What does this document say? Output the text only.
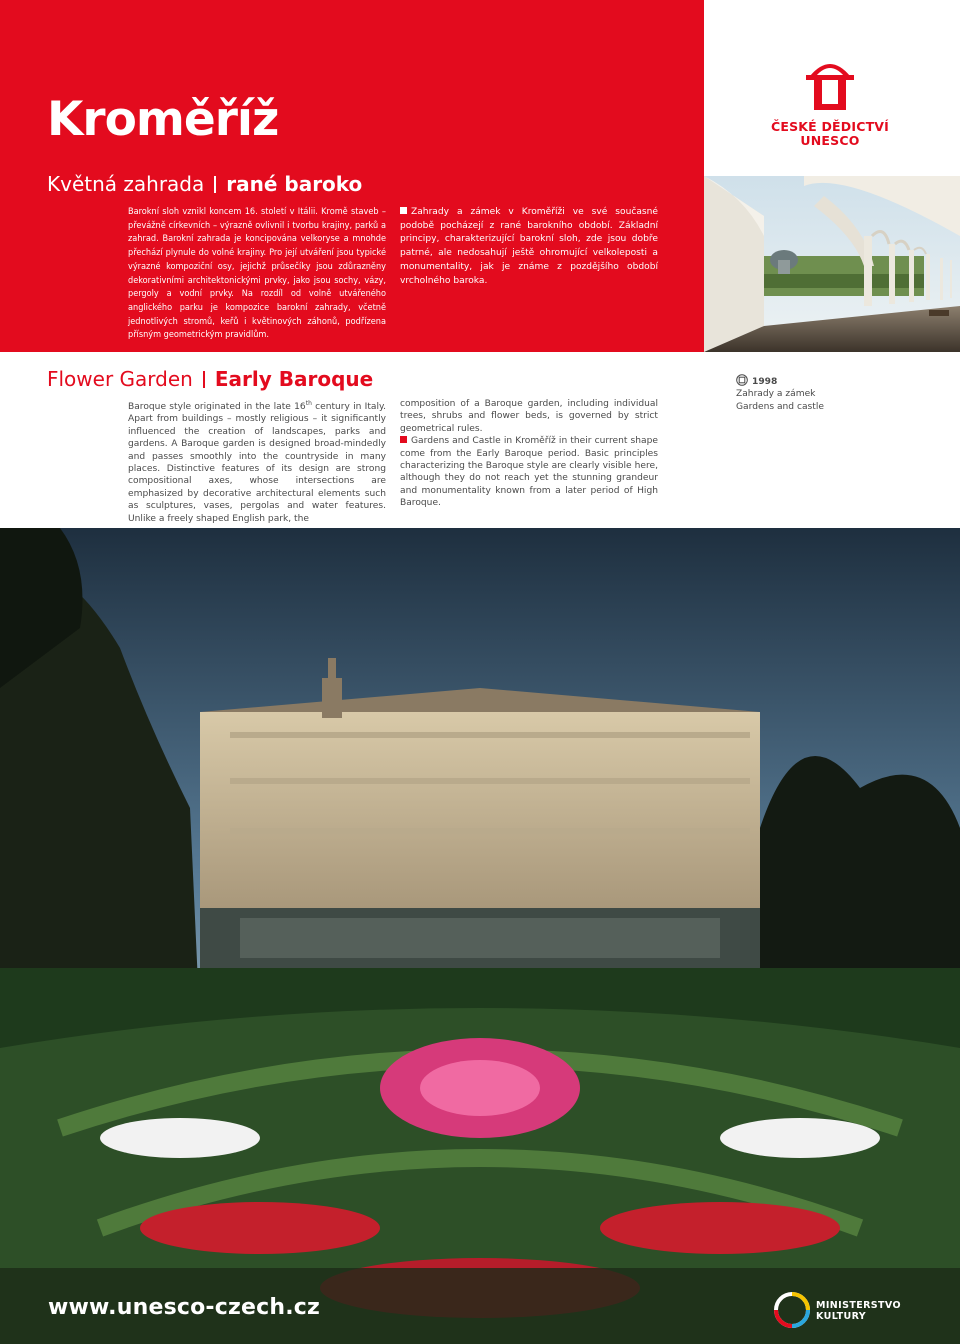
Kroměříž
Květná zahrada rané baroko

Barokní sloh vznikl koncem 16. století v Itálii. Kromě staveb – převážně církevních – výrazně ovlivnil i tvorbu krajiny, parků a zahrad. Barokní zahrada je koncipována velkoryse a mnohde přechází plynule do volné krajiny. Pro její utváření jsou typické výrazné kompoziční osy, jejichž průsečíky jsou zdůrazněny dekorativními architektonickými prvky, jako jsou sochy, vázy, pergoly a vodní prvky. Na rozdíl od volně utvářeného anglického parku je kompozice barokní zahrady, včetně jednotlivých stromů, keřů i květinových záhonů, podřízena přísným geometrickým pravidlům.

Zahrady a zámek v Kroměříži ve své současné podobě pocházejí z rané barokního období. Základní principy, charakterizující barokní sloh, zde jsou dobře patrné, ale nedosahují ještě ohromující velkoleposti a monumentality, jak je známe z pozdějšího období vrcholného baroka.

ČESKÉ DĚDICTVÍ
UNESCO
Flower Garden Early Baroque

Baroque style originated in the late 16th century in Italy. Apart from buildings – mostly religious – it significantly influenced the creation of landscapes, parks and gardens. A Baroque garden is designed broad-mindedly and passes smoothly into the countryside in many places. Distinctive features of its design are strong compositional axes, whose intersections are emphasized by decorative architectural elements such as sculptures, vases, pergolas and water features. Unlike a freely shaped English park, the

composition of a Baroque garden, including individual trees, shrubs and flower beds, is governed by strict geometrical rules.

Gardens and Castle in Kroměříž in their current shape come from the Early Baroque period. Basic principles characterizing the Baroque style are clearly visible here, although they do not reach yet the stunning grandeur and monumentality known from a later period of High Baroque.

1998
Zahrady a zámek
Gardens and castle
www.unesco-czech.cz	MINISTERSTVO
KULTURY
